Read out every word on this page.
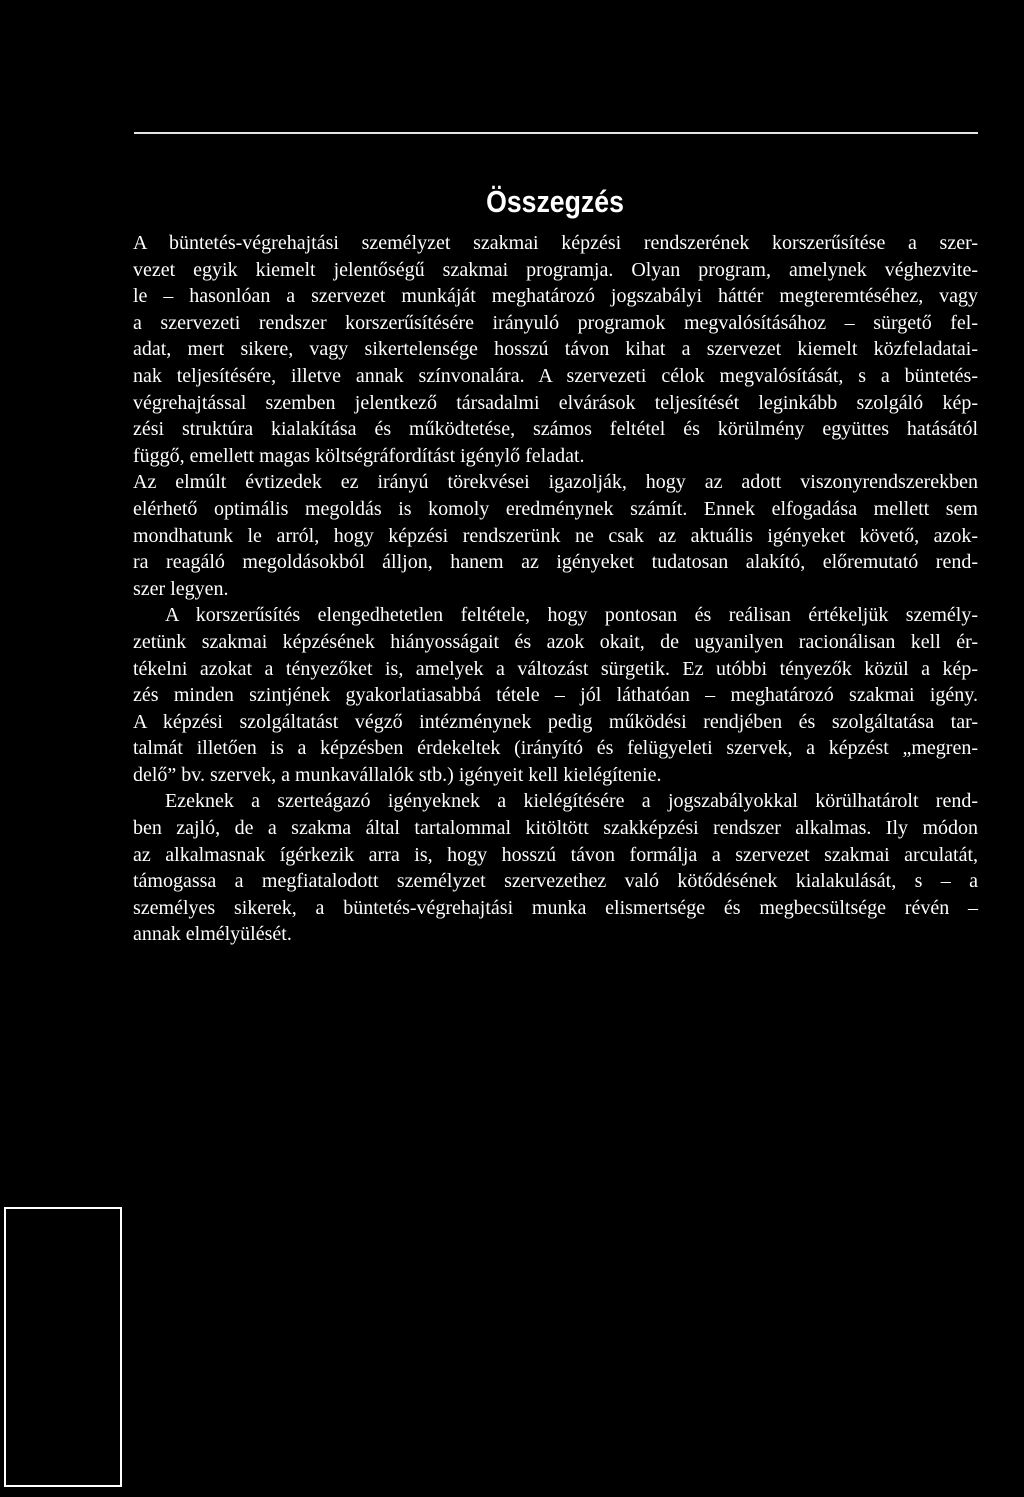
Összegzés
A büntetés-végrehajtási személyzet szakmai képzési rendszerének korszerűsítése a szer-
vezet egyik kiemelt jelentőségű szakmai programja. Olyan program, amelynek véghezvite-
le – hasonlóan a szervezet munkáját meghatározó jogszabályi háttér megteremtéséhez, vagy
a szervezeti rendszer korszerűsítésére irányuló programok megvalósításához – sürgető fel-
adat, mert sikere, vagy sikertelensége hosszú távon kihat a szervezet kiemelt közfeladatai-
nak teljesítésére, illetve annak színvonalára. A szervezeti célok megvalósítását, s a büntetés-
végrehajtással szemben jelentkező társadalmi elvárások teljesítését leginkább szolgáló kép-
zési struktúra kialakítása és működtetése, számos feltétel és körülmény együttes hatásától
függő, emellett magas költségráfordítást igénylő feladat.
Az elmúlt évtizedek ez irányú törekvései igazolják, hogy az adott viszonyrendszerekben
elérhető optimális megoldás is komoly eredménynek számít. Ennek elfogadása mellett sem
mondhatunk le arról, hogy képzési rendszerünk ne csak az aktuális igényeket követő, azok-
ra reagáló megoldásokból álljon, hanem az igényeket tudatosan alakító, előremutató rend-
szer legyen.
A korszerűsítés elengedhetetlen feltétele, hogy pontosan és reálisan értékeljük személy-
zetünk szakmai képzésének hiányosságait és azok okait, de ugyanilyen racionálisan kell ér-
tékelni azokat a tényezőket is, amelyek a változást sürgetik. Ez utóbbi tényezők közül a kép-
zés minden szintjének gyakorlatiasabbá tétele – jól láthatóan – meghatározó szakmai igény.
A képzési szolgáltatást végző intézménynek pedig működési rendjében és szolgáltatása tar-
talmát illetően is a képzésben érdekeltek (irányító és felügyeleti szervek, a képzést „megren-
delő” bv. szervek, a munkavállalók stb.) igényeit kell kielégítenie.
Ezeknek a szerteágazó igényeknek a kielégítésére a jogszabályokkal körülhatárolt rend-
ben zajló, de a szakma által tartalommal kitöltött szakképzési rendszer alkalmas. Ily módon
az alkalmasnak ígérkezik arra is, hogy hosszú távon formálja a szervezet szakmai arculatát,
támogassa a megfiatalodott személyzet szervezethez való kötődésének kialakulását, s – a
személyes sikerek, a büntetés-végrehajtási munka elismertsége és megbecsültsége révén –
annak elmélyülését.
